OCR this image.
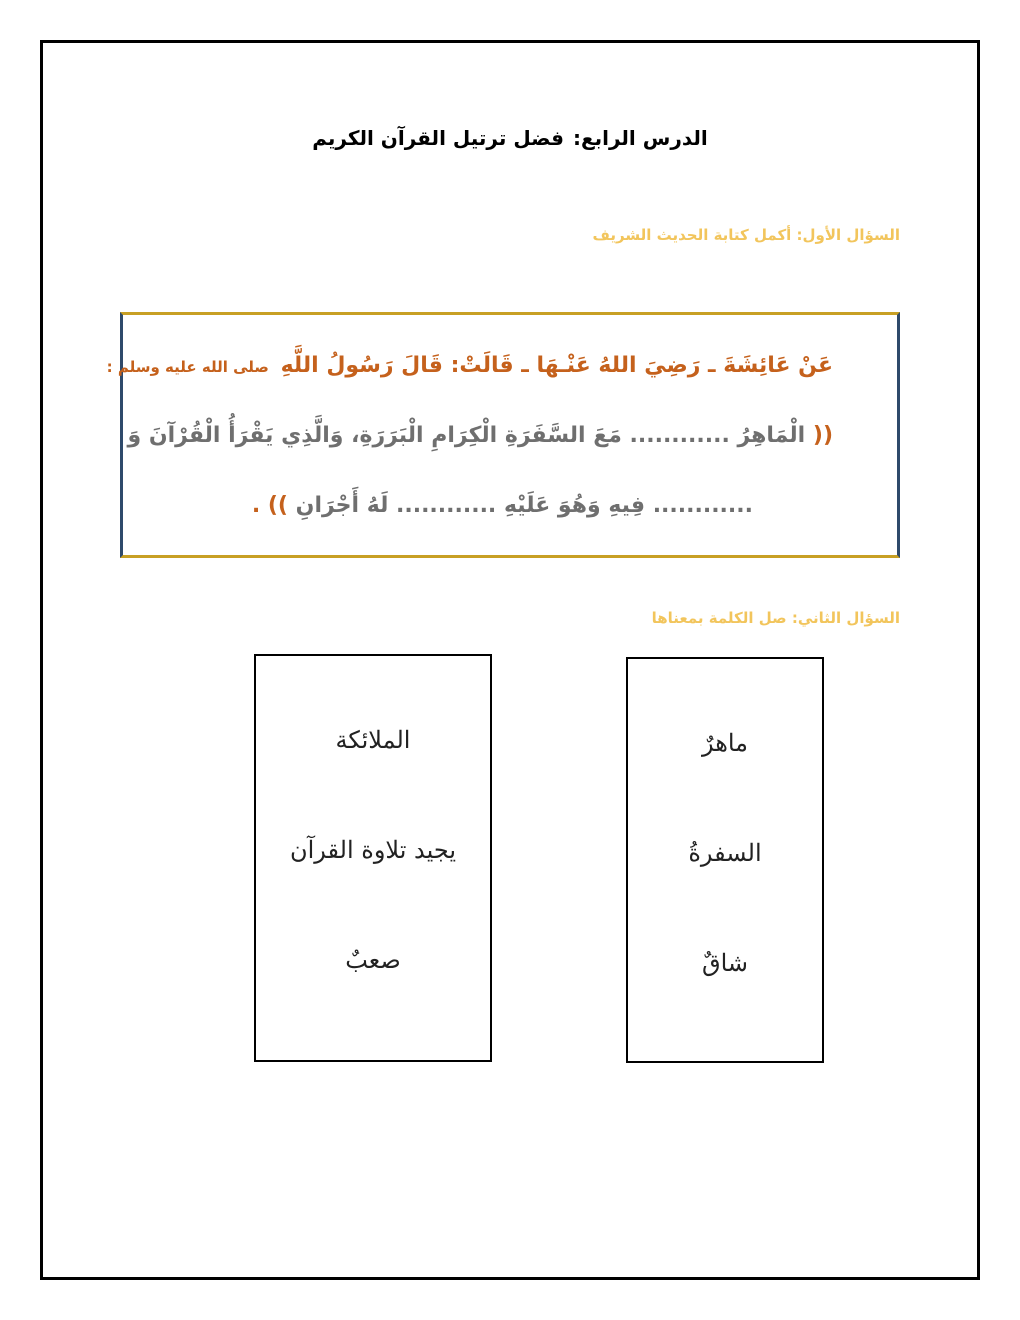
الدرس الرابع: فضل ترتيل القرآن الكريم
السؤال الأول: أكمل كتابة الحديث الشريف
عَنْ عَائِشَةَ ـ رَضِيَ اللهُ عَنْـهَا ـ قَالَتْ: قَالَ رَسُولُ اللَّهِ صلى الله عليه وسلم :
(( الْمَاهِرُ ............ مَعَ السَّفَرَةِ الْكِرَامِ الْبَرَرَةِ، وَالَّذِي يَقْرَأُ الْقُرْآنَ وَ
............ فِيهِ وَهُوَ عَلَيْهِ ............ لَهُ أَجْرَانِ )) .
السؤال الثاني: صل الكلمة بمعناها
ماهرٌ
السفرةُ
شاقٌ
الملائكة
يجيد تلاوة القرآن
صعبٌ
